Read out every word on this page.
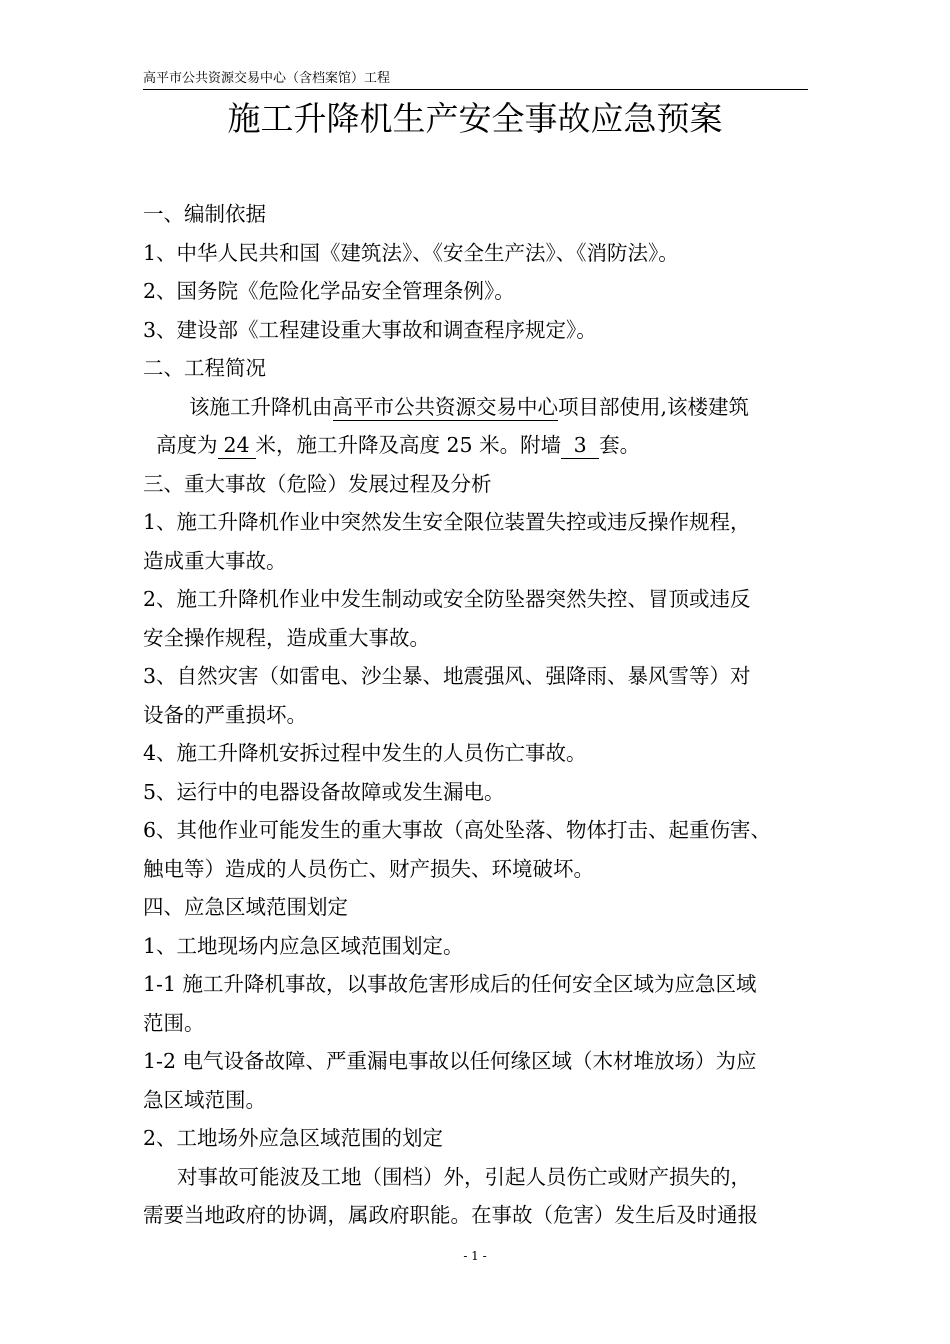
高平市公共资源交易中心（含档案馆）工程
施工升降机生产安全事故应急预案
一、编制依据
1、中华人民共和国《建筑法》、《安全生产法》、《消防法》。
2、国务院《危险化学品安全管理条例》。
3、建设部《工程建设重大事故和调查程序规定》。
二、工程简况
该施工升降机由高平市公共资源交易中心项目部使用,该楼建筑
高度为 24 米，施工升降及高度 25 米。附墙 3 套。
三、重大事故（危险）发展过程及分析
1、施工升降机作业中突然发生安全限位装置失控或违反操作规程，
造成重大事故。
2、施工升降机作业中发生制动或安全防坠器突然失控、冒顶或违反
安全操作规程，造成重大事故。
3、自然灾害（如雷电、沙尘暴、地震强风、强降雨、暴风雪等）对
设备的严重损坏。
4、施工升降机安拆过程中发生的人员伤亡事故。
5、运行中的电器设备故障或发生漏电。
6、其他作业可能发生的重大事故（高处坠落、物体打击、起重伤害、
触电等）造成的人员伤亡、财产损失、环境破坏。
四、应急区域范围划定
1、工地现场内应急区域范围划定。
1-1 施工升降机事故，以事故危害形成后的任何安全区域为应急区域
范围。
1-2 电气设备故障、严重漏电事故以任何缘区域（木材堆放场）为应
急区域范围。
2、工地场外应急区域范围的划定
对事故可能波及工地（围档）外，引起人员伤亡或财产损失的，
需要当地政府的协调，属政府职能。在事故（危害）发生后及时通报
- 1 -
